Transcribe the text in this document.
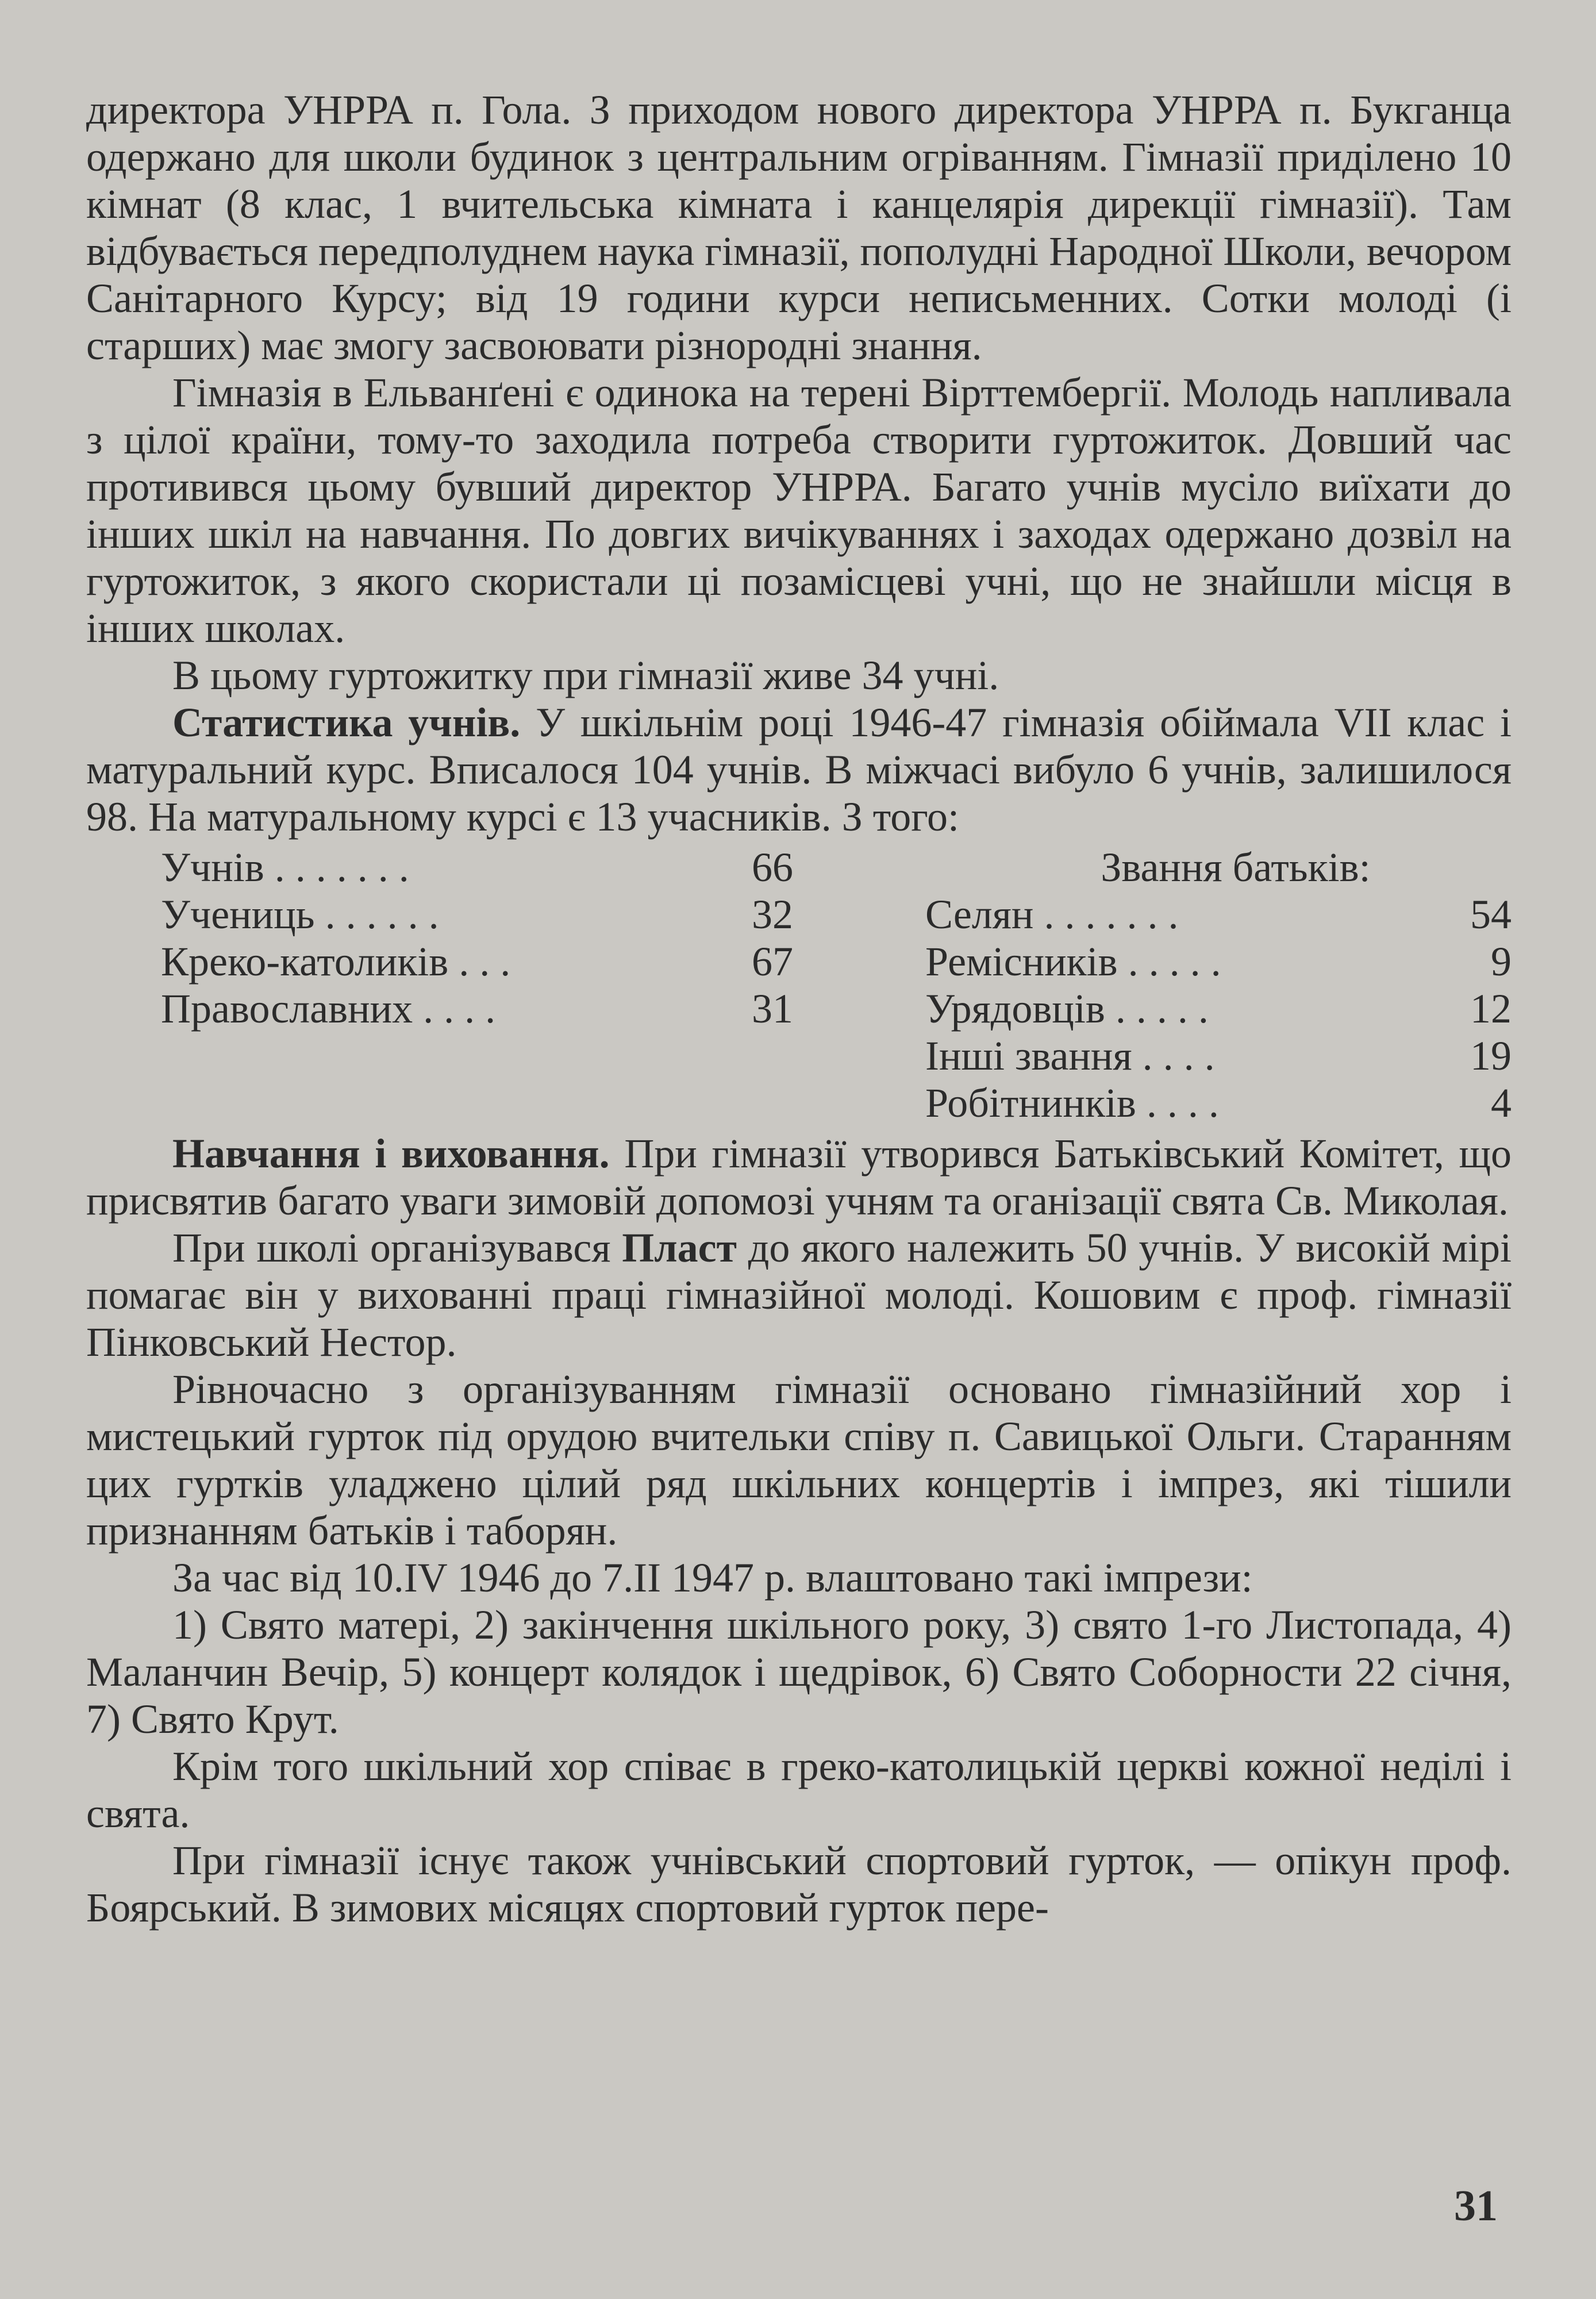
директора УНРРА п. Гола. З приходом нового директора УНРРА п. Букганца одержано для школи будинок з центральним огріванням. Гімназії приділено 10 кімнат (8 клас, 1 вчительська кімната і канцелярія дирекції гімназії). Там відбувається передполуднем наука гімназії, пополудні Народної Школи, вечором Санітарного Курсу; від 19 години курси неписьменних. Сотки молоді (і старших) має змогу засвоювати різнородні знання.

Гімназія в Ельванґені є одинока на терені Вірттембергії. Молодь напливала з цілої країни, тому-то заходила потреба створити гуртожиток. Довший час противився цьому бувший директор УНРРА. Багато учнів мусіло виїхати до інших шкіл на навчання. По довгих вичікуваннях і заходах одержано дозвіл на гуртожиток, з якого скористали ці позамісцеві учні, що не знайшли місця в інших школах.

В цьому гуртожитку при гімназії живе 34 учні.

Статистика учнів. У шкільнім році 1946-47 гімназія обіймала VII клас і матуральний курс. Вписалося 104 учнів. В міжчасі вибуло 6 учнів, залишилося 98. На матуральному курсі є 13 учасників. З того:

Учнів . . . . . . .	66
Учениць . . . . . .	32
Креко-католиків . . .	67
Православних . . . .	31
Звання батьків:
Селян . . . . . . .	54
Ремісників . . . . .	9
Урядовців . . . . .	12
Інші звання . . . .	19
Робітнинків . . . .	4

Навчання і виховання. При гімназії утворився Батьківський Комітет, що присвятив багато уваги зимовій допомозі учням та оганізації свята Св. Миколая.

При школі організувався Пласт до якого належить 50 учнів. У високій мірі помагає він у вихованні праці гімназійної молоді. Кошовим є проф. гімназії Пінковський Нестор.

Рівночасно з організуванням гімназії основано гімназійний хор і мистецький гурток під орудою вчительки співу п. Савицької Ольги. Старанням цих гуртків уладжено цілий ряд шкільних концертів і імпрез, які тішили признанням батьків і таборян.

За час від 10.IV 1946 до 7.II 1947 р. влаштовано такі імпрези:

1) Свято матері, 2) закінчення шкільного року, 3) свято 1-го Листопада, 4) Маланчин Вечір, 5) концерт колядок і щедрівок, 6) Свято Соборности 22 січня, 7) Свято Крут.

Крім того шкільний хор співає в греко-католицькій церкві кожної неділі і свята.

При гімназії існує також учнівський спортовий гурток, — опікун проф. Боярський. В зимових місяцях спортовий гурток пере-

31
